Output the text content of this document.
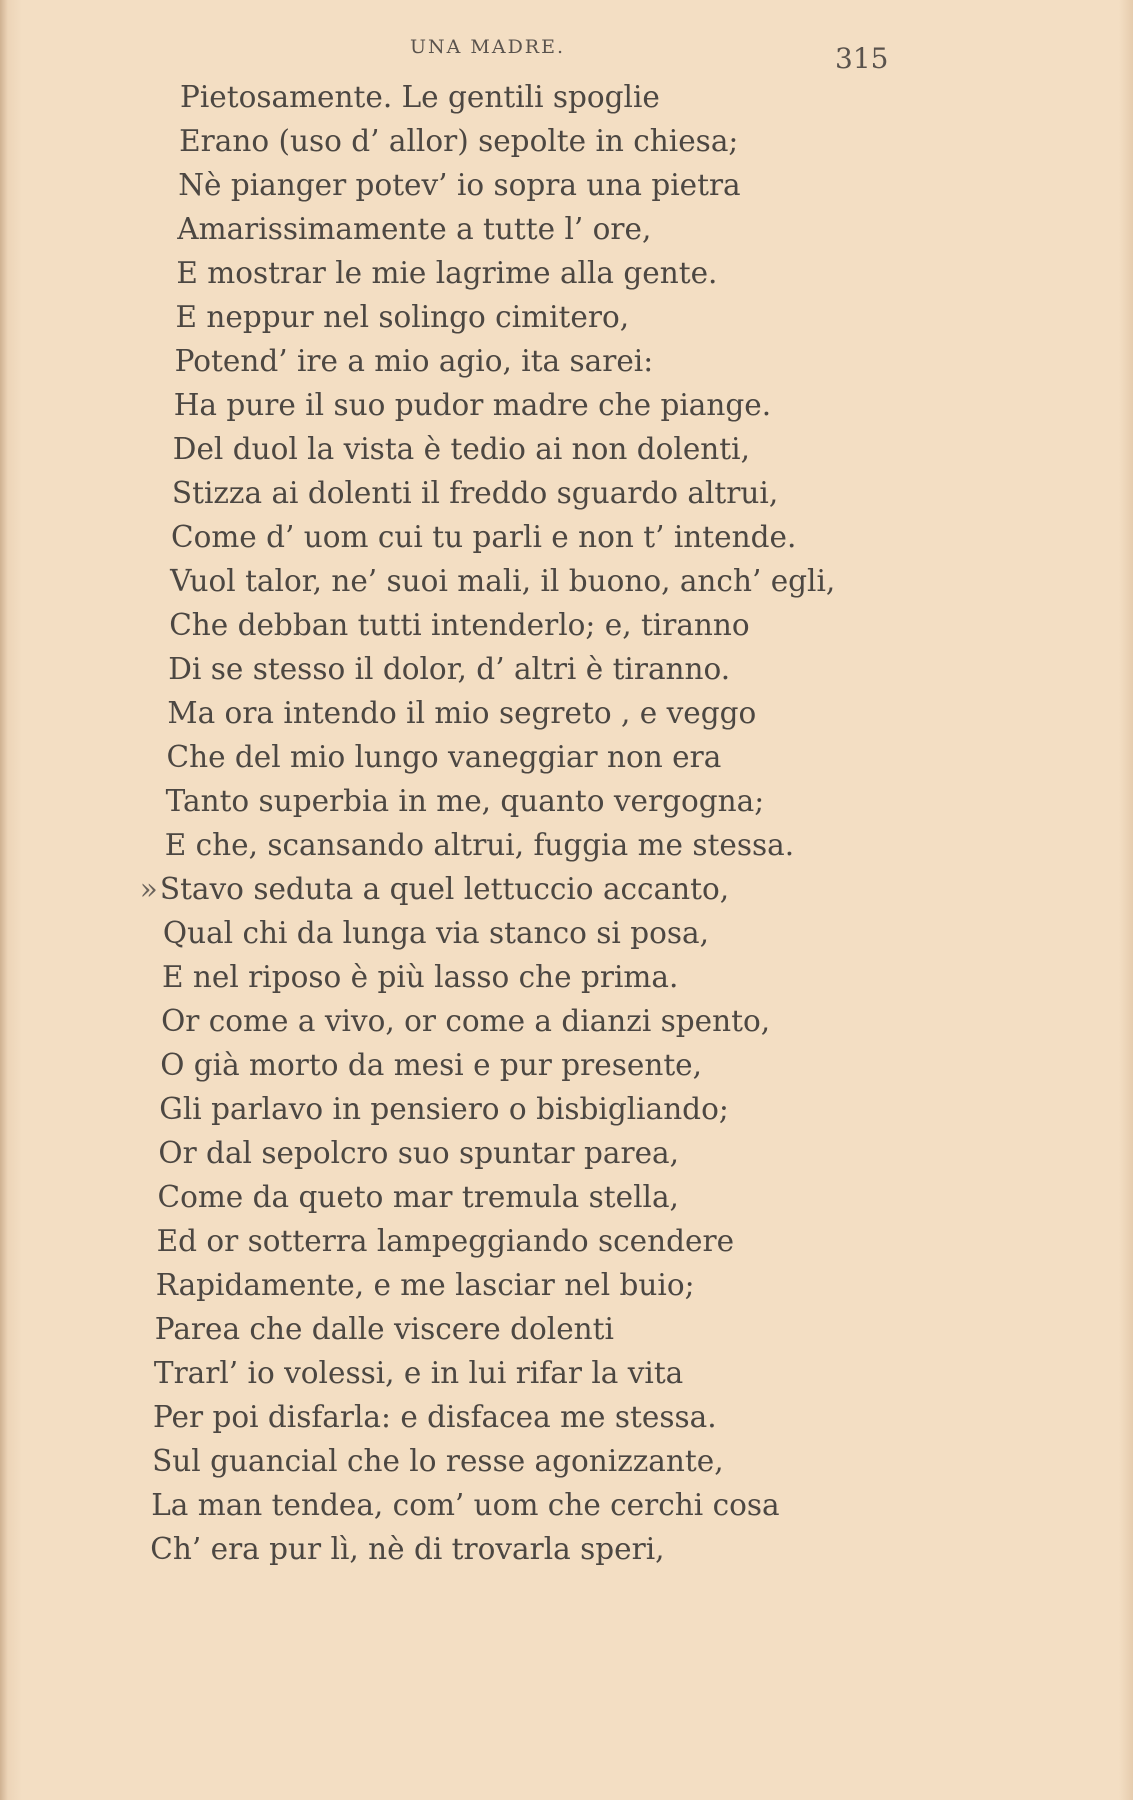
UNA MADRE.	315
Pietosamente. Le gentili spoglie
Erano (uso d’ allor) sepolte in chiesa;
Nè pianger potev’ io sopra una pietra
Amarissimamente a tutte l’ ore,
E mostrar le mie lagrime alla gente.
E neppur nel solingo cimitero,
Potend’ ire a mio agio, ita sarei:
Ha pure il suo pudor madre che piange.
Del duol la vista è tedio ai non dolenti,
Stizza ai dolenti il freddo sguardo altrui,
Come d’ uom cui tu parli e non t’ intende.
Vuol talor, ne’ suoi mali, il buono, anch’ egli,
Che debban tutti intenderlo; e, tiranno
Di se stesso il dolor, d’ altri è tiranno.
Ma ora intendo il mio segreto , e veggo
Che del mio lungo vaneggiar non era
Tanto superbia in me, quanto vergogna;
E che, scansando altrui, fuggia me stessa.
»Stavo seduta a quel lettuccio accanto,
Qual chi da lunga via stanco si posa,
E nel riposo è più lasso che prima.
Or come a vivo, or come a dianzi spento,
O già morto da mesi e pur presente,
Gli parlavo in pensiero o bisbigliando;
Or dal sepolcro suo spuntar parea,
Come da queto mar tremula stella,
Ed or sotterra lampeggiando scendere
Rapidamente, e me lasciar nel buio;
Parea che dalle viscere dolenti
Trarl’ io volessi, e in lui rifar la vita
Per poi disfarla: e disfacea me stessa.
Sul guancial che lo resse agonizzante,
La man tendea, com’ uom che cerchi cosa
Ch’ era pur lì, nè di trovarla speri,
